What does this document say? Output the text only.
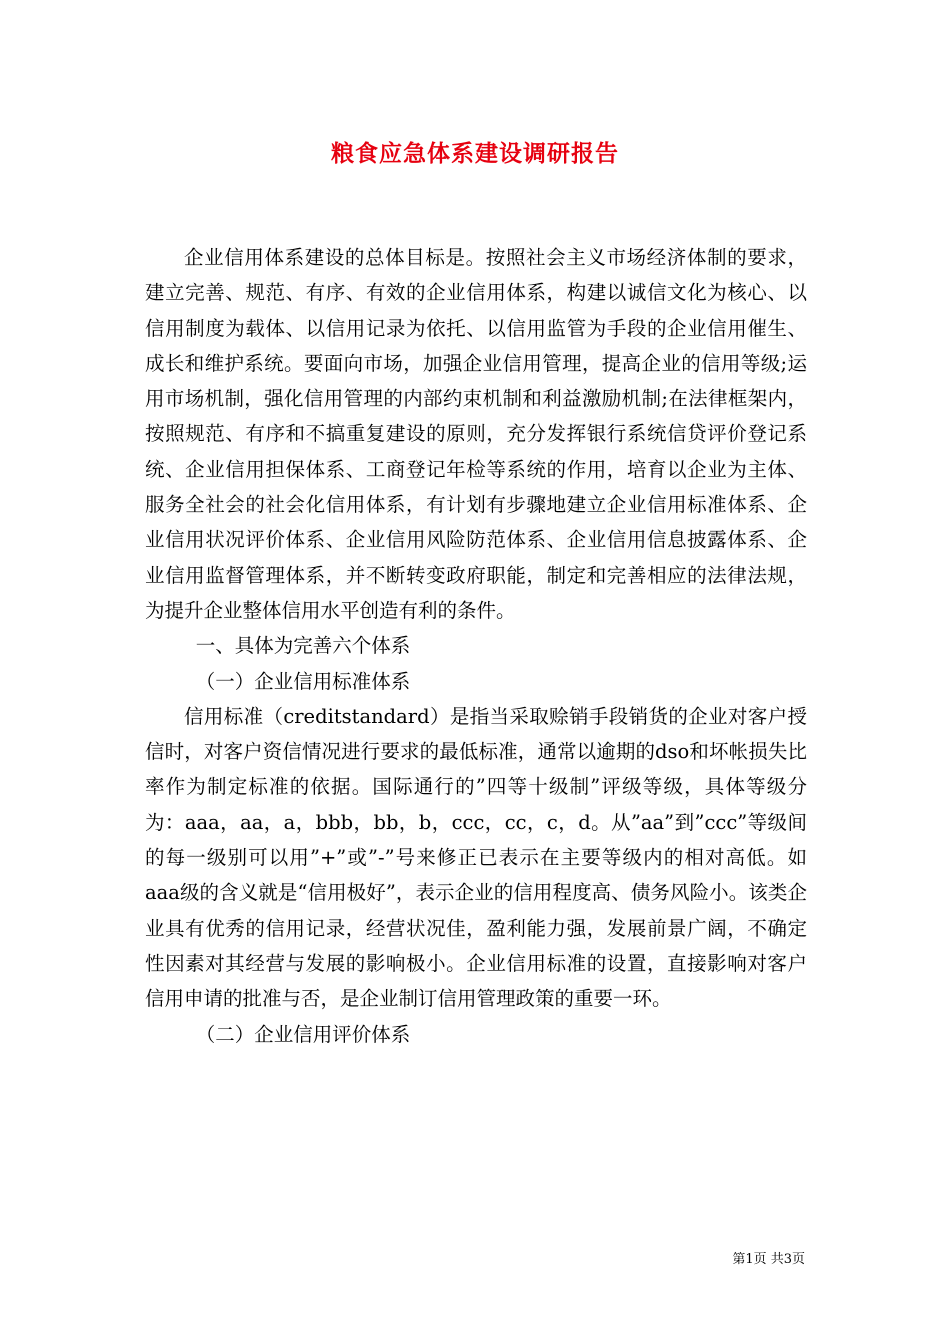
粮食应急体系建设调研报告

企业信用体系建设的总体目标是。按照社会主义市场经济体制的要求，建立完善、规范、有序、有效的企业信用体系，构建以诚信文化为核心、以信用制度为载体、以信用记录为依托、以信用监管为手段的企业信用催生、成长和维护系统。要面向市场，加强企业信用管理，提高企业的信用等级;运用市场机制，强化信用管理的内部约束机制和利益激励机制;在法律框架内，按照规范、有序和不搞重复建设的原则，充分发挥银行系统信贷评价登记系统、企业信用担保体系、工商登记年检等系统的作用，培育以企业为主体、服务全社会的社会化信用体系，有计划有步骤地建立企业信用标准体系、企业信用状况评价体系、企业信用风险防范体系、企业信用信息披露体系、企业信用监督管理体系，并不断转变政府职能，制定和完善相应的法律法规，为提升企业整体信用水平创造有利的条件。

一、具体为完善六个体系

（一）企业信用标准体系

信用标准（creditstandard）是指当采取赊销手段销货的企业对客户授信时，对客户资信情况进行要求的最低标准，通常以逾期的dso和坏帐损失比率作为制定标准的依据。国际通行的”四等十级制”评级等级，具体等级分为：aaa，aa，a，bbb，bb，b，ccc，cc，c，d。从”aa”到”ccc”等级间的每一级别可以用”+”或”-”号来修正已表示在主要等级内的相对高低。如aaa级的含义就是“信用极好”，表示企业的信用程度高、债务风险小。该类企业具有优秀的信用记录，经营状况佳，盈利能力强，发展前景广阔，不确定性因素对其经营与发展的影响极小。企业信用标准的设置，直接影响对客户信用申请的批准与否，是企业制订信用管理政策的重要一环。

（二）企业信用评价体系

第1页 共3页
